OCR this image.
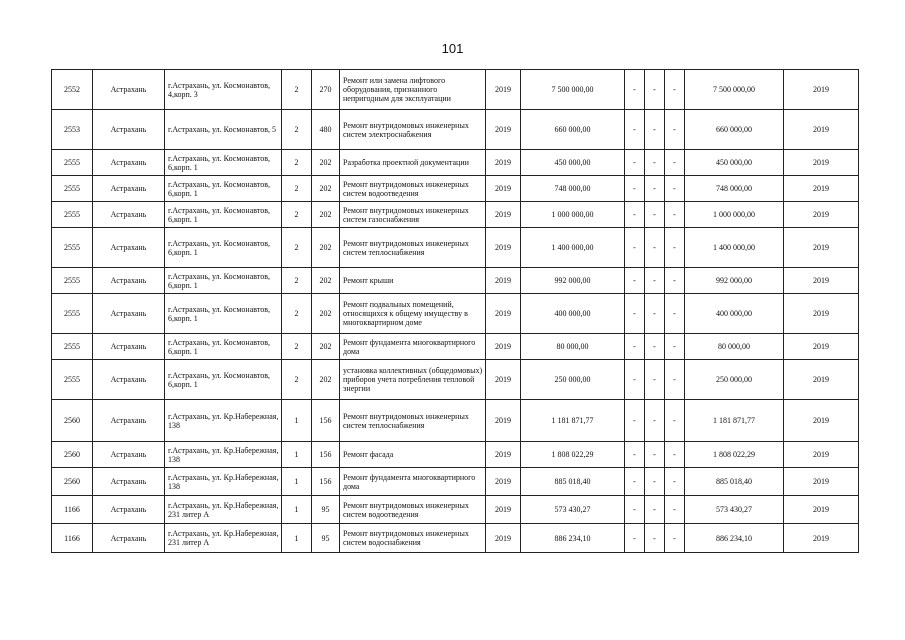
101
2552	Астрахань	г.Астрахань, ул. Космонавтов, 4,корп. 3	2	270	Ремонт или замена лифтового оборудования, признанного непригодным для эксплуатации	2019	7 500 000,00	-	-	-	7 500 000,00	2019
2553	Астрахань	г.Астрахань, ул. Космонавтов, 5	2	480	Ремонт внутридомовых инженерных систем электроснабжения	2019	660 000,00	-	-	-	660 000,00	2019
2555	Астрахань	г.Астрахань, ул. Космонавтов, 6,корп. 1	2	202	Разработка проектной документации	2019	450 000,00	-	-	-	450 000,00	2019
2555	Астрахань	г.Астрахань, ул. Космонавтов, 6,корп. 1	2	202	Ремонт внутридомовых инженерных систем водоотведения	2019	748 000,00	-	-	-	748 000,00	2019
2555	Астрахань	г.Астрахань, ул. Космонавтов, 6,корп. 1	2	202	Ремонт внутридомовых инженерных систем газоснабжения	2019	1 000 000,00	-	-	-	1 000 000,00	2019
2555	Астрахань	г.Астрахань, ул. Космонавтов, 6,корп. 1	2	202	Ремонт внутридомовых инженерных систем теплоснабжения	2019	1 400 000,00	-	-	-	1 400 000,00	2019
2555	Астрахань	г.Астрахань, ул. Космонавтов, 6,корп. 1	2	202	Ремонт крыши	2019	992 000,00	-	-	-	992 000,00	2019
2555	Астрахань	г.Астрахань, ул. Космонавтов, 6,корп. 1	2	202	Ремонт подвальных помещений, относящихся к общему имуществу в многоквартирном доме	2019	400 000,00	-	-	-	400 000,00	2019
2555	Астрахань	г.Астрахань, ул. Космонавтов, 6,корп. 1	2	202	Ремонт фундамента многоквартирного дома	2019	80 000,00	-	-	-	80 000,00	2019
2555	Астрахань	г.Астрахань, ул. Космонавтов, 6,корп. 1	2	202	установка коллективных (общедомовых) приборов учета потребления тепловой энергии	2019	250 000,00	-	-	-	250 000,00	2019
2560	Астрахань	г.Астрахань, ул. Кр.Набережная, 138	1	156	Ремонт внутридомовых инженерных систем теплоснабжения	2019	1 181 871,77	-	-	-	1 181 871,77	2019
2560	Астрахань	г.Астрахань, ул. Кр.Набережная, 138	1	156	Ремонт фасада	2019	1 808 022,29	-	-	-	1 808 022,29	2019
2560	Астрахань	г.Астрахань, ул. Кр.Набережная, 138	1	156	Ремонт фундамента многоквартирного дома	2019	885 018,40	-	-	-	885 018,40	2019
1166	Астрахань	г.Астрахань, ул. Кр.Набережная, 231 литер А	1	95	Ремонт внутридомовых инженерных систем водоотведения	2019	573 430,27	-	-	-	573 430,27	2019
1166	Астрахань	г.Астрахань, ул. Кр.Набережная, 231 литер А	1	95	Ремонт внутридомовых инженерных систем водоснабжения	2019	886 234,10	-	-	-	886 234,10	2019
